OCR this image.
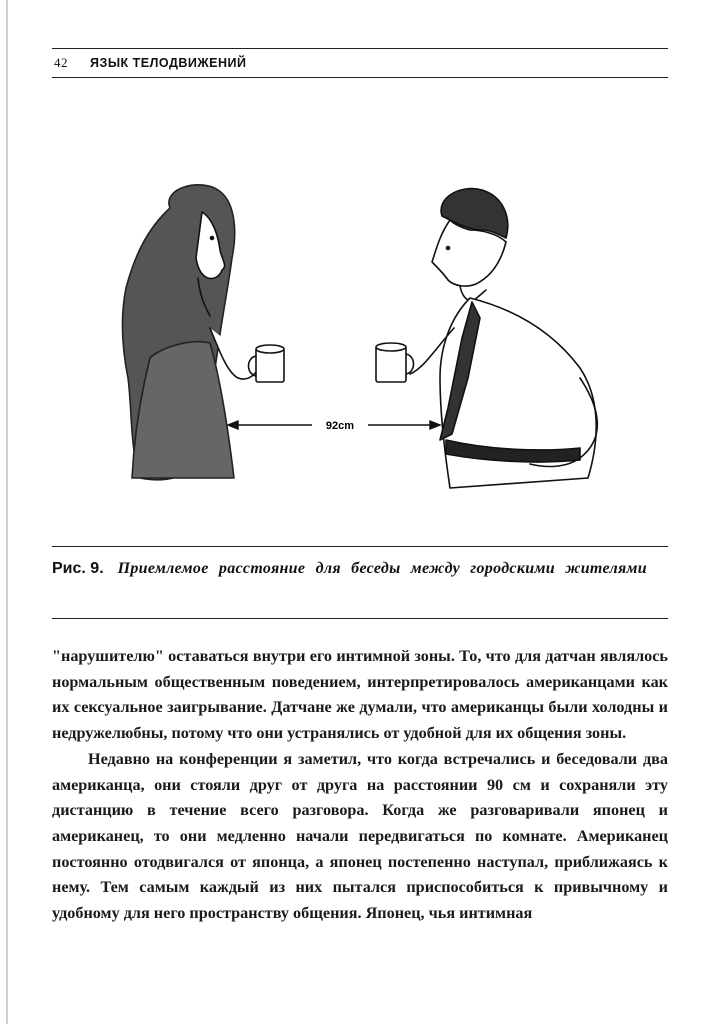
42 ЯЗЫК ТЕЛОДВИЖЕНИЙ
92cm
Рис. 9. Приемлемое расстояние для беседы между городскими жителями

"нарушителю" оставаться внутри его интимной зоны. То, что для датчан являлось нормальным общественным поведением, интерпретировалось американцами как их сексуальное заигрывание. Датчане же думали, что американцы были холодны и недружелюбны, потому что они устранялись от удобной для их общения зоны.

Недавно на конференции я заметил, что когда встречались и беседовали два американца, они стояли друг от друга на расстоянии 90 см и сохраняли эту дистанцию в течение всего разговора. Когда же разговаривали японец и американец, то они медленно начали передвигаться по комнате. Американец постоянно отодвигался от японца, а японец постепенно наступал, приближаясь к нему. Тем самым каждый из них пытался приспособиться к привычному и удобному для него пространству общения. Японец, чья интимная
